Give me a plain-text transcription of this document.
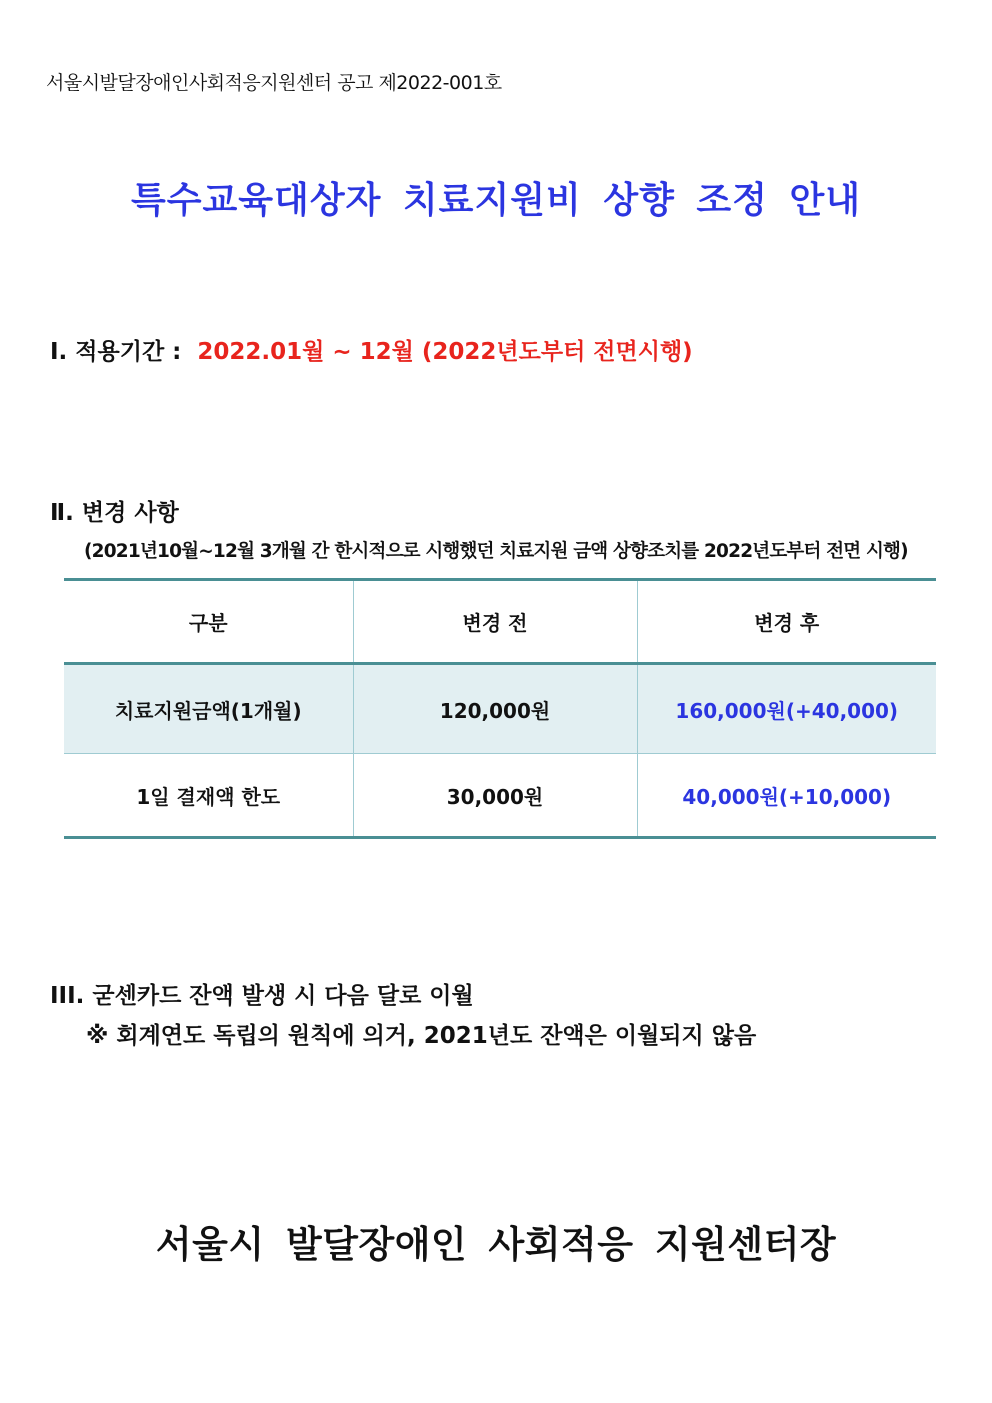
서울시발달장애인사회적응지원센터 공고 제2022-001호
특수교육대상자 치료지원비 상향 조정 안내
Ⅰ. 적용기간 : 2022.01월 ~ 12월 (2022년도부터 전면시행)
Ⅱ. 변경 사항
(2021년10월~12월 3개월 간 한시적으로 시행했던 치료지원 금액 상향조치를 2022년도부터 전면 시행)
구분	변경 전	변경 후
치료지원금액(1개월)	120,000원	160,000원(+40,000)
1일 결재액 한도	30,000원	40,000원(+10,000)
III. 굳센카드 잔액 발생 시 다음 달로 이월
※ 회계연도 독립의 원칙에 의거, 2021년도 잔액은 이월되지 않음
서울시 발달장애인 사회적응 지원센터장
